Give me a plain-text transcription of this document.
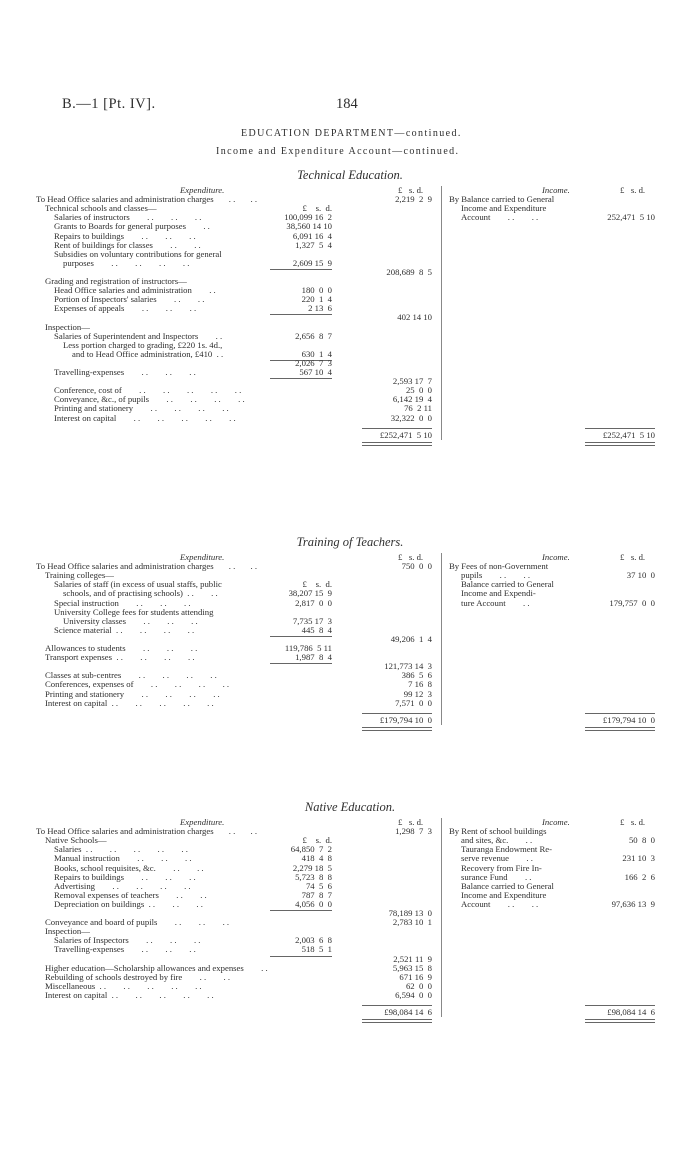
B.—1 [Pt. IV].	184
EDUCATION DEPARTMENT—continued.
Income and Expenditure Account—continued.
Technical Education.
Expenditure.	£   s. d.	Income.	£   s. d.
To Head Office salaries and administration charges       . .       . .	2,219  2  9
Technical schools and classes—	£    s.  d.
Salaries of instructors        . .        . .        . .	100,099 16  2
Grants to Boards for general purposes        . .	38,560 14 10
Repairs to buildings        . .        . .        . .	6,091 16  4
Rent of buildings for classes        . .        . .	1,327  5  4
Subsidies on voluntary contributions for general
purposes        . .        . .        . .        . .	2,609 15  9
208,689  8  5
Grading and registration of instructors—
Head Office salaries and administration        . .	180  0  0
Portion of Inspectors' salaries        . .        . .	220  1  4
Expenses of appeals        . .        . .        . .	2 13  6
402 14 10
Inspection—
Salaries of Superintendent and Inspectors        . .	2,656  8  7
Less portion charged to grading, £220 1s. 4d.,
and to Head Office administration, £410  . .	630  1  4
2,026  7  3
Travelling-expenses        . .        . .        . .	567 10  4
2,593 17  7
Conference, cost of        . .        . .        . .        . .        . .	25  0  0
Conveyance, &c., of pupils        . .        . .        . .        . .	6,142 19  4
Printing and stationery        . .        . .        . .        . .	76  2 11
Interest on capital        . .        . .        . .        . .        . .	32,322  0  0
By Balance carried to General
Income and Expenditure
Account        . .        . .	252,471  5 10
£252,471  5 10	£252,471  5 10
Training of Teachers.
Expenditure.	£   s. d.	Income.	£   s. d.
To Head Office salaries and administration charges       . .       . .	750  0  0
Training colleges—
Salaries of staff (in excess of usual staffs, public	£    s.  d.
schools, and of practising schools)  . .        . .	38,207 15  9
Special instruction        . .        . .        . .	2,817  0  0
University College fees for students attending
University classes        . .        . .        . .	7,735 17  3
Science material  . .        . .        . .        . .	445  8  4
49,206  1  4
Allowances to students        . .        . .        . .	119,786  5 11
Transport expenses  . .        . .        . .        . .	1,987  8  4
121,773 14  3
Classes at sub-centres        . .        . .        . .        . .	386  5  6
Conferences, expenses of        . .        . .        . .        . .	7 16  8
Printing and stationery        . .        . .        . .        . .	99 12  3
Interest on capital  . .        . .        . .        . .        . .	7,571  0  0
By Fees of non-Government
pupils        . .        . .	37 10  0
Balance carried to General
Income and Expendi-
ture Account        . .	179,757  0  0
£179,794 10  0	£179,794 10  0
Native Education.
Expenditure.	£   s. d.	Income.	£   s. d.
To Head Office salaries and administration charges       . .       . .	1,298  7  3
Native Schools—	£    s.  d.
Salaries  . .        . .        . .        . .        . .	64,850  7  2
Manual instruction        . .        . .        . .	418  4  8
Books, school requisites, &c.        . .        . .	2,279 18  5
Repairs to buildings        . .        . .        . .	5,723  8  8
Advertising        . .        . .        . .        . .	74  5  6
Removal expenses of teachers        . .        . .	787  8  7
Depreciation on buildings  . .        . .        . .	4,056  0  0
78,189 13  0
Conveyance and board of pupils        . .        . .        . .	2,783 10  1
Inspection—
Salaries of Inspectors        . .        . .        . .	2,003  6  8
Travelling-expenses        . .        . .        . .	518  5  1
2,521 11  9
Higher education—Scholarship allowances and expenses        . .	5,963 15  8
Rebuilding of schools destroyed by fire        . .        . .	671 16  9
Miscellaneous  . .        . .        . .        . .        . .	62  0  0
Interest on capital  . .        . .        . .        . .        . .	6,594  0  0
By Rent of school buildings
and sites, &c.        . .	50  8  0
Tauranga Endowment Re-
serve revenue        . .	231 10  3
Recovery from Fire In-
surance Fund        . .	166  2  6
Balance carried to General
Income and Expenditure
Account        . .        . .	97,636 13  9
£98,084 14  6	£98,084 14  6
